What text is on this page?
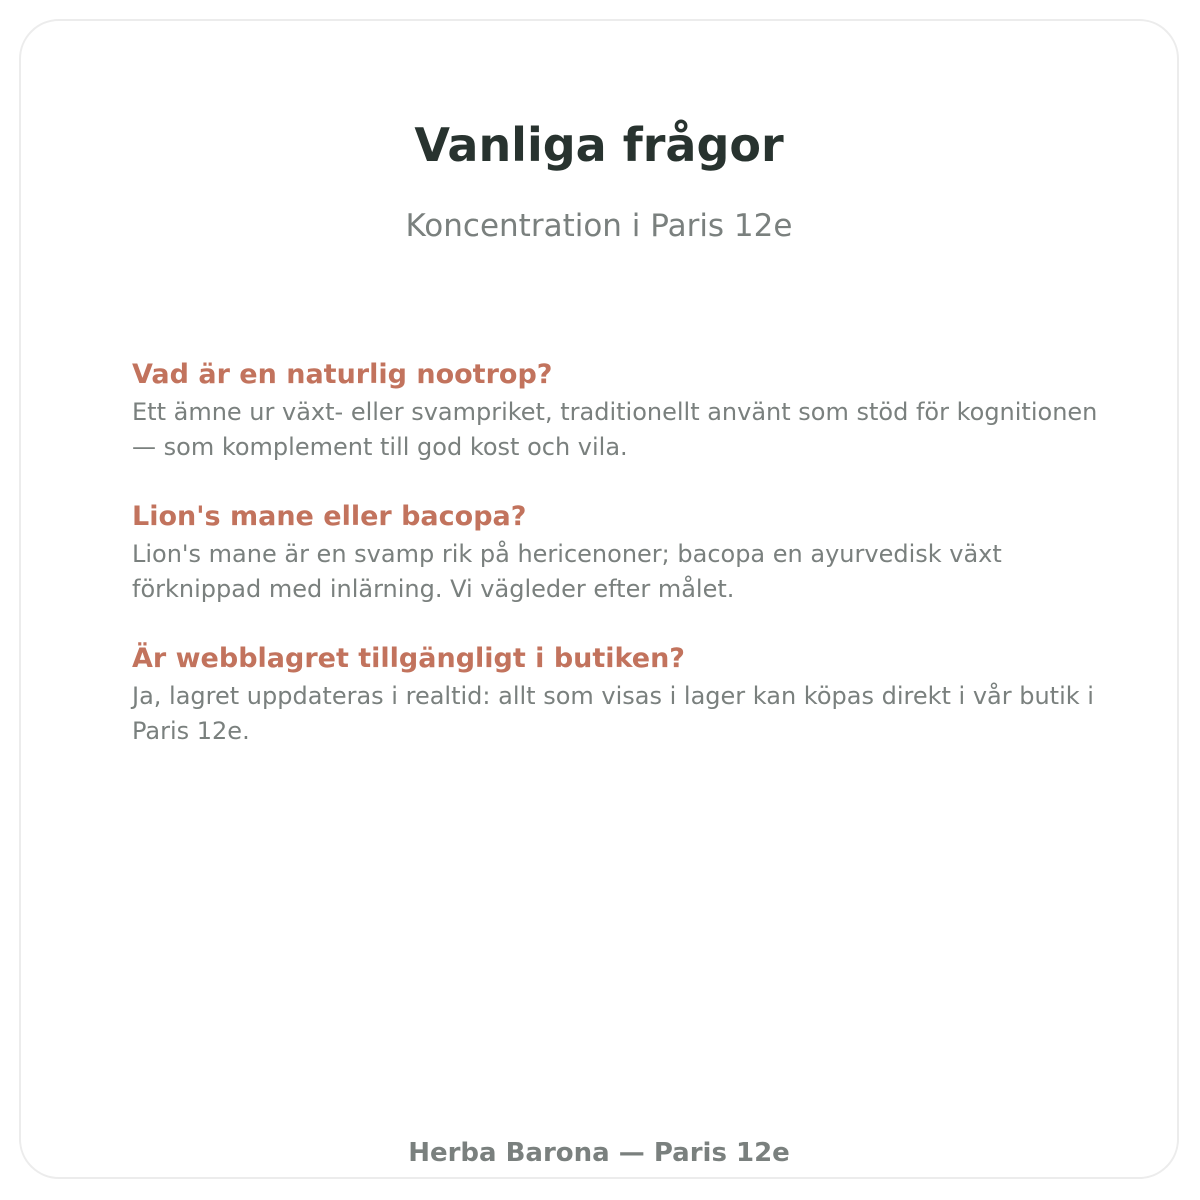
Vanliga frågor

Koncentration i Paris 12e

Vad är en naturlig nootrop?

Ett ämne ur växt- eller svampriket, traditionellt använt som stöd för kognitionen — som komplement till god kost och vila.

Lion's mane eller bacopa?

Lion's mane är en svamp rik på hericenoner; bacopa en ayurvedisk växt förknippad med inlärning. Vi vägleder efter målet.

Är webblagret tillgängligt i butiken?

Ja, lagret uppdateras i realtid: allt som visas i lager kan köpas direkt i vår butik i Paris 12e.

Herba Barona — Paris 12e
